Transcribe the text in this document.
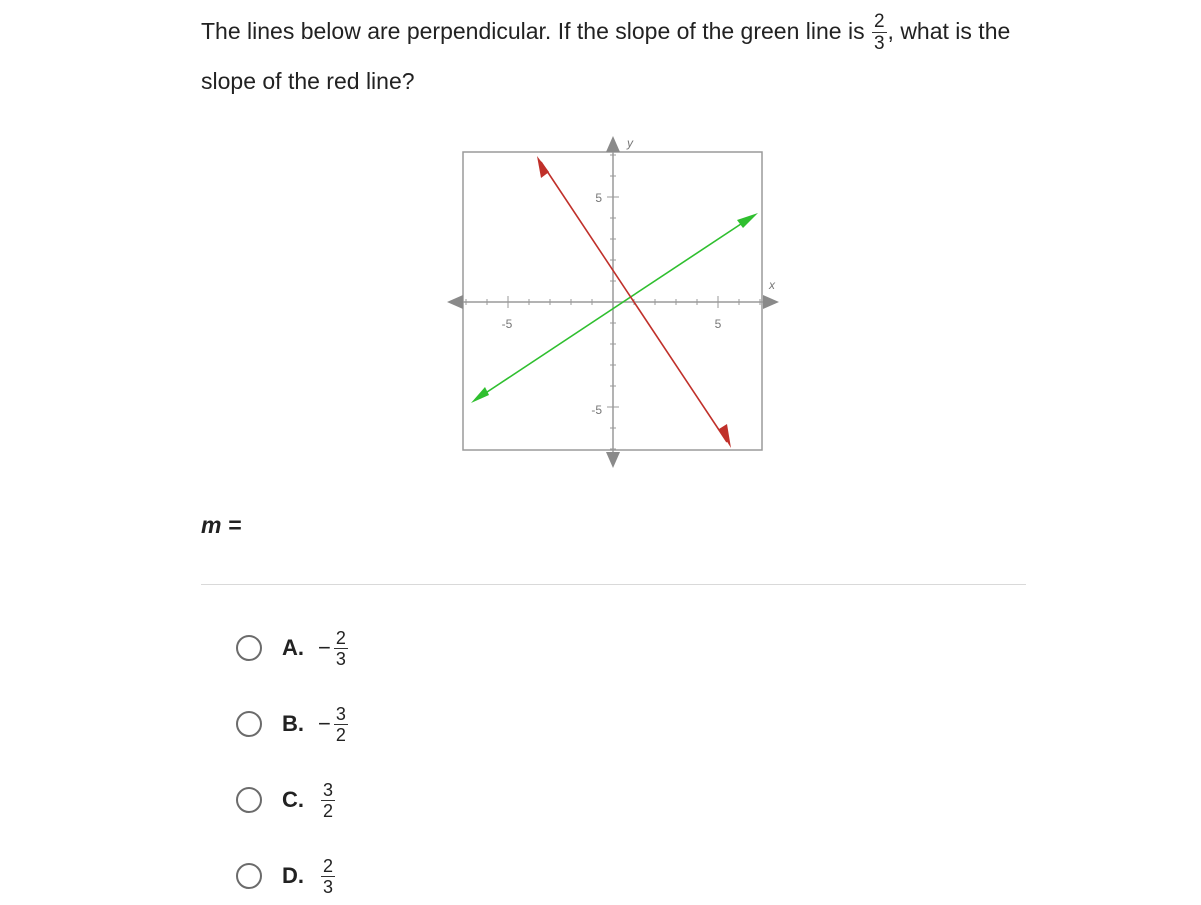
The lines below are perpendicular. If the slope of the green line is $\frac{2}{3}$ , what is the slope of the red line?
x
y
-5	5
5
-5
m =
A. − $\frac{2}{3}$
B. − $\frac{3}{2}$
C. $\frac{3}{2}$
D. $\frac{2}{3}$
